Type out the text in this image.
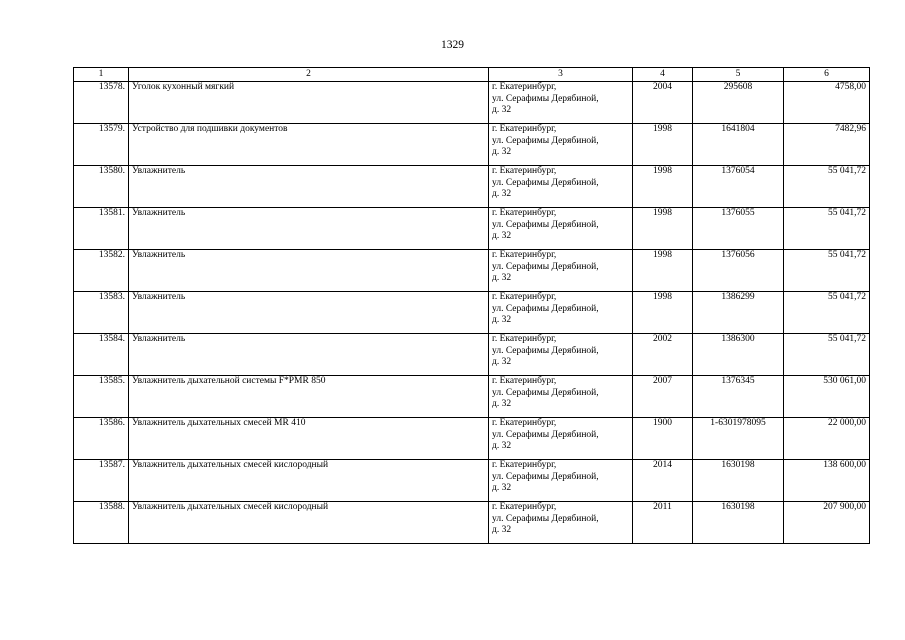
1329
1	2	3	4	5	6
13578.	Уголок кухонный мягкий	г. Екатеринбург,
ул. Серафимы Дерябиной,
д. 32	2004	295608	4758,00
13579.	Устройство для подшивки документов	г. Екатеринбург,
ул. Серафимы Дерябиной,
д. 32	1998	1641804	7482,96
13580.	Увлажнитель	г. Екатеринбург,
ул. Серафимы Дерябиной,
д. 32	1998	1376054	55 041,72
13581.	Увлажнитель	г. Екатеринбург,
ул. Серафимы Дерябиной,
д. 32	1998	1376055	55 041,72
13582.	Увлажнитель	г. Екатеринбург,
ул. Серафимы Дерябиной,
д. 32	1998	1376056	55 041,72
13583.	Увлажнитель	г. Екатеринбург,
ул. Серафимы Дерябиной,
д. 32	1998	1386299	55 041,72
13584.	Увлажнитель	г. Екатеринбург,
ул. Серафимы Дерябиной,
д. 32	2002	1386300	55 041,72
13585.	Увлажнитель дыхательной системы F*PMR 850	г. Екатеринбург,
ул. Серафимы Дерябиной,
д. 32	2007	1376345	530 061,00
13586.	Увлажнитель дыхательных смесей MR 410	г. Екатеринбург,
ул. Серафимы Дерябиной,
д. 32	1900	1-6301978095	22 000,00
13587.	Увлажнитель дыхательных смесей кислородный	г. Екатеринбург,
ул. Серафимы Дерябиной,
д. 32	2014	1630198	138 600,00
13588.	Увлажнитель дыхательных смесей кислородный	г. Екатеринбург,
ул. Серафимы Дерябиной,
д. 32	2011	1630198	207 900,00
